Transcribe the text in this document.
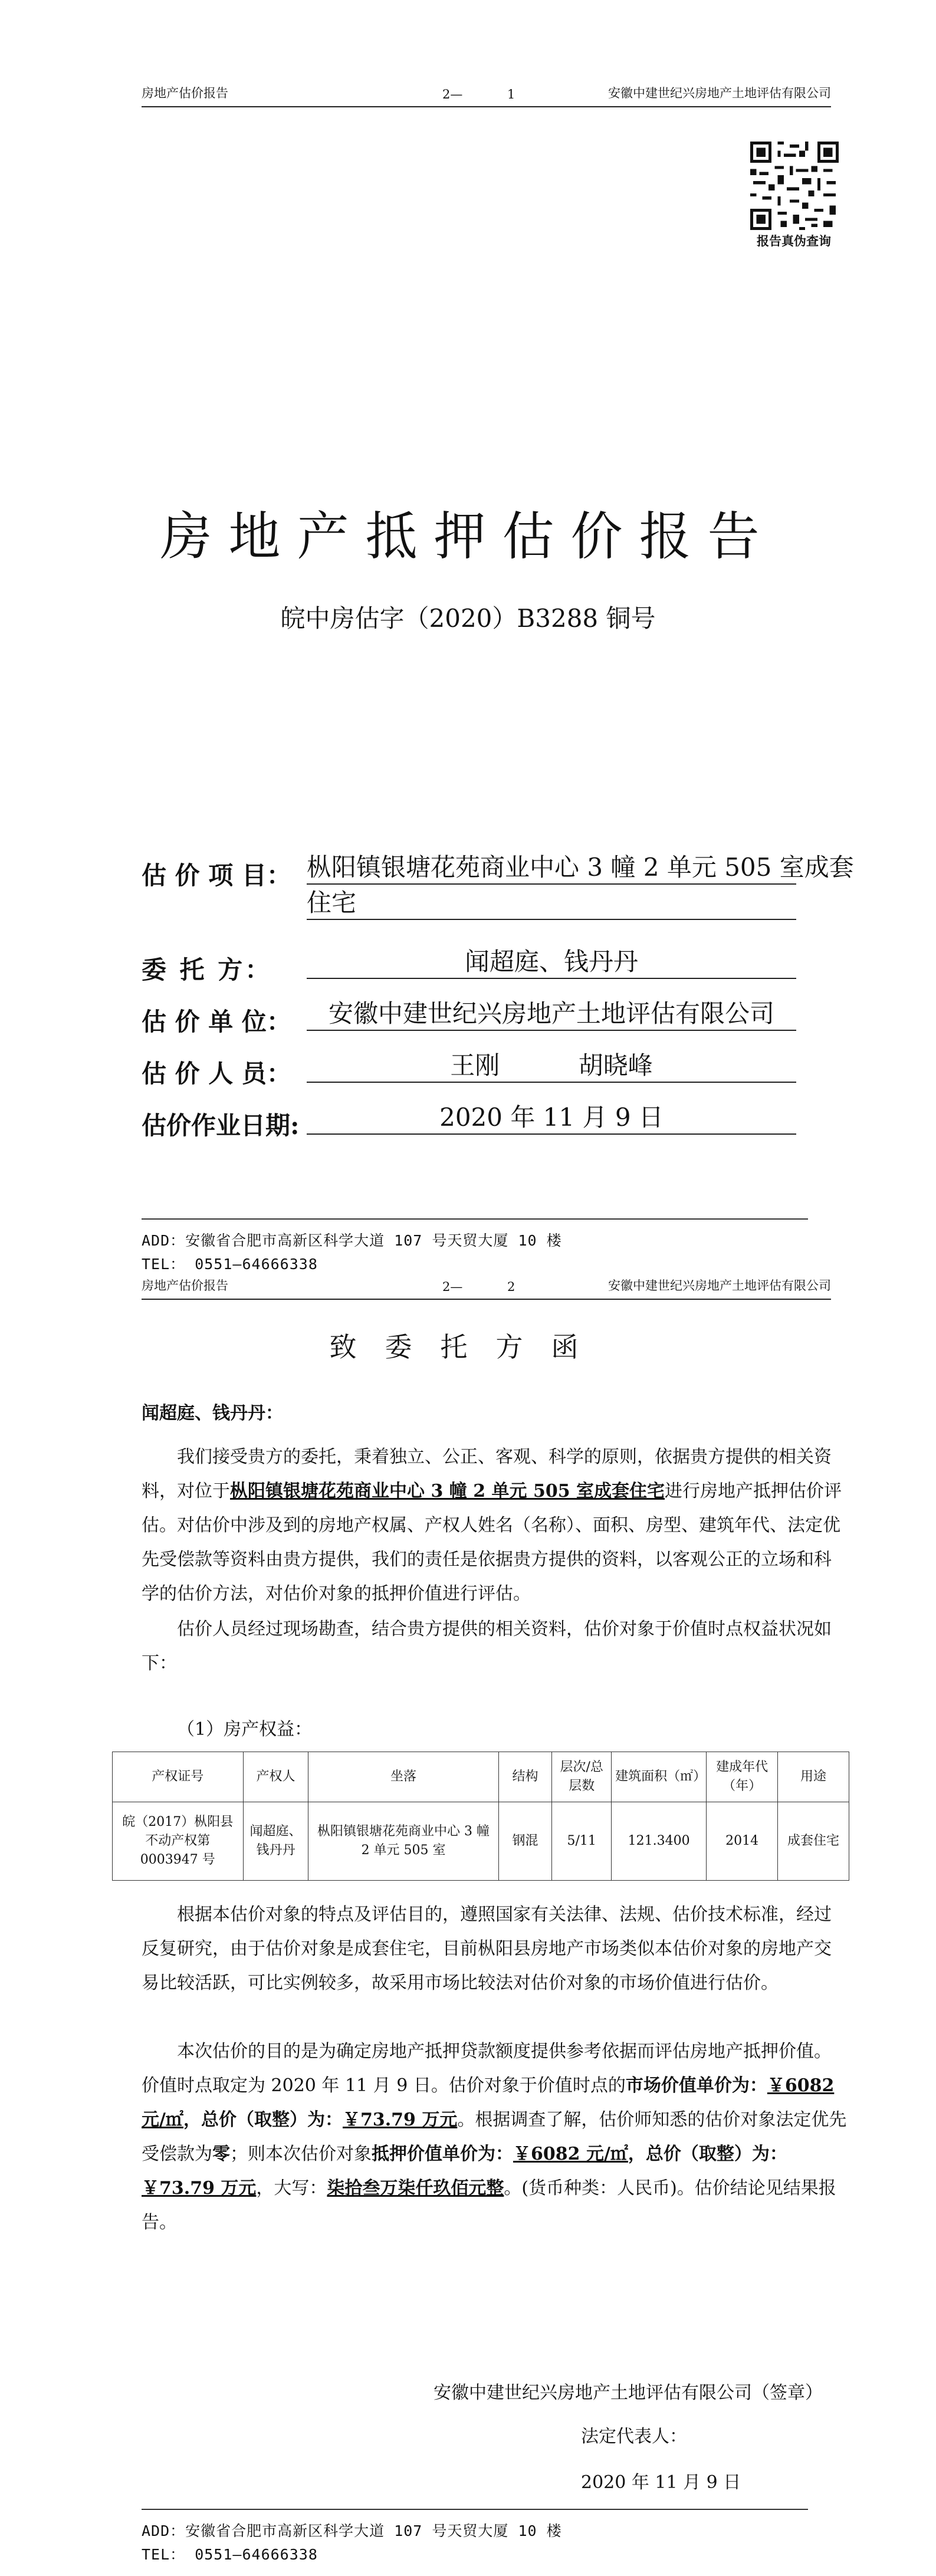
房地产估价报告	2—	1	安徽中建世纪兴房地产土地评估有限公司
报告真伪查询
房地产抵押估价报告
皖中房估字（2020）B3288 铜号
估 价 项 目： 枞阳镇银塘花苑商业中心 3 幢 2 单元 505 室成套
住宅
委 托 方：	闻超庭、钱丹丹
估 价 单 位：	安徽中建世纪兴房地产土地评估有限公司
估 价 人 员：	王刚          胡晓峰
估价作业日期:	2020 年 11 月 9 日
ADD：安徽省合肥市高新区科学大道 107 号天贸大厦 10 楼
TEL： 0551—64666338
房地产估价报告	2—	2	安徽中建世纪兴房地产土地评估有限公司
致委托方函
闻超庭、钱丹丹：
我们接受贵方的委托，秉着独立、公正、客观、科学的原则，依据贵方提供的相关资料，对位于枞阳镇银塘花苑商业中心 3 幢 2 单元 505 室成套住宅进行房地产抵押估价评估。对估价中涉及到的房地产权属、产权人姓名（名称）、面积、房型、建筑年代、法定优先受偿款等资料由贵方提供，我们的责任是依据贵方提供的资料，以客观公正的立场和科学的估价方法，对估价对象的抵押价值进行评估。
估价人员经过现场勘查，结合贵方提供的相关资料，估价对象于价值时点权益状况如下：
（1）房产权益：
产权证号	产权人	坐落	结构	层次/总层数	建筑面积（㎡）	建成年代（年）	用途
皖（2017）枞阳县不动产权第 0003947 号	闻超庭、钱丹丹	枞阳镇银塘花苑商业中心 3 幢 2 单元 505 室	钢混	5/11	121.3400	2014	成套住宅
根据本估价对象的特点及评估目的，遵照国家有关法律、法规、估价技术标准，经过反复研究，由于估价对象是成套住宅，目前枞阳县房地产市场类似本估价对象的房地产交易比较活跃，可比实例较多，故采用市场比较法对估价对象的市场价值进行估价。
本次估价的目的是为确定房地产抵押贷款额度提供参考依据而评估房地产抵押价值。价值时点取定为 2020 年 11 月 9 日。估价对象于价值时点的市场价值单价为：￥6082 元/㎡，总价（取整）为：￥73.79 万元。根据调查了解，估价师知悉的估价对象法定优先受偿款为零；则本次估价对象抵押价值单价为：￥6082 元/㎡，总价（取整）为：￥73.79 万元，大写：柒拾叁万柒仟玖佰元整。(货币种类：人民币)。估价结论见结果报告。
安徽中建世纪兴房地产土地评估有限公司（签章）
法定代表人：
2020 年 11 月 9 日
ADD：安徽省合肥市高新区科学大道 107 号天贸大厦 10 楼
TEL： 0551—64666338
